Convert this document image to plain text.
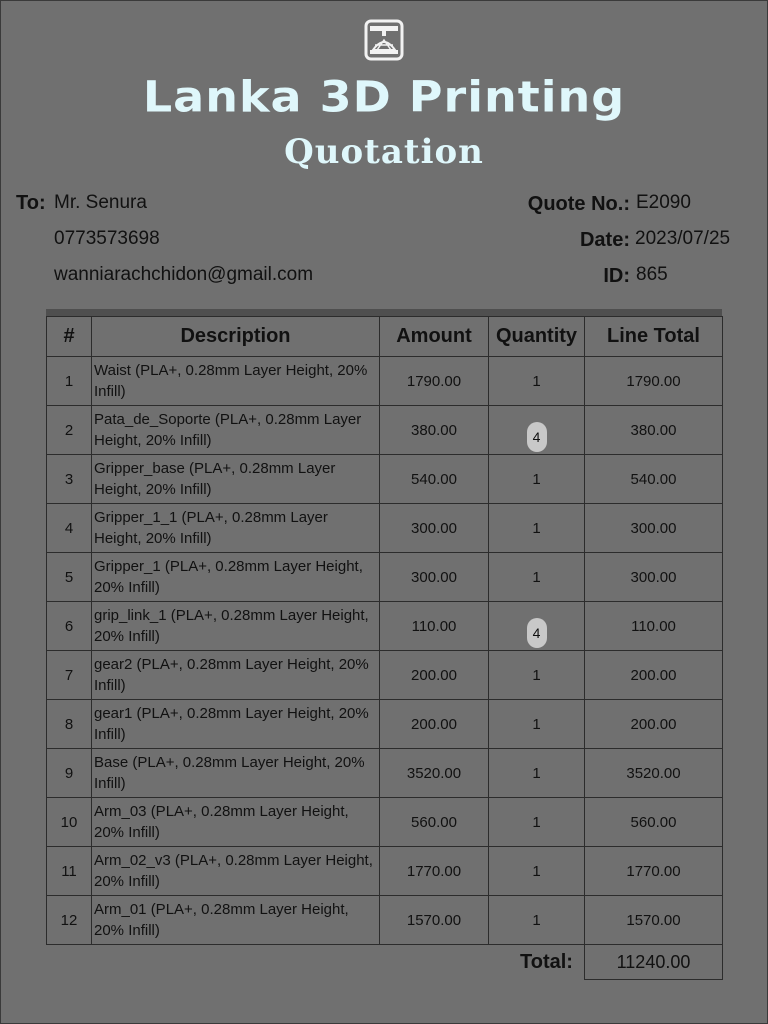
Lanka 3D Printing
Quotation
To: Mr. Senura
0773573698
wanniarachchidon@gmail.com
Quote No.: E2090
Date: 2023/07/25
ID: 865
#	Description	Amount	Quantity	Line Total
1	Waist (PLA+, 0.28mm Layer Height, 20% Infill)	1790.00	1	1790.00
2	Pata_de_Soporte (PLA+, 0.28mm Layer Height, 20% Infill)	380.00	4	380.00
3	Gripper_base (PLA+, 0.28mm Layer Height, 20% Infill)	540.00	1	540.00
4	Gripper_1_1 (PLA+, 0.28mm Layer Height, 20% Infill)	300.00	1	300.00
5	Gripper_1 (PLA+, 0.28mm Layer Height, 20% Infill)	300.00	1	300.00
6	grip_link_1 (PLA+, 0.28mm Layer Height, 20% Infill)	110.00	4	110.00
7	gear2 (PLA+, 0.28mm Layer Height, 20% Infill)	200.00	1	200.00
8	gear1 (PLA+, 0.28mm Layer Height, 20% Infill)	200.00	1	200.00
9	Base (PLA+, 0.28mm Layer Height, 20% Infill)	3520.00	1	3520.00
10	Arm_03 (PLA+, 0.28mm Layer Height, 20% Infill)	560.00	1	560.00
11	Arm_02_v3 (PLA+, 0.28mm Layer Height, 20% Infill)	1770.00	1	1770.00
12	Arm_01 (PLA+, 0.28mm Layer Height, 20% Infill)	1570.00	1	1570.00
Total:	11240.00
